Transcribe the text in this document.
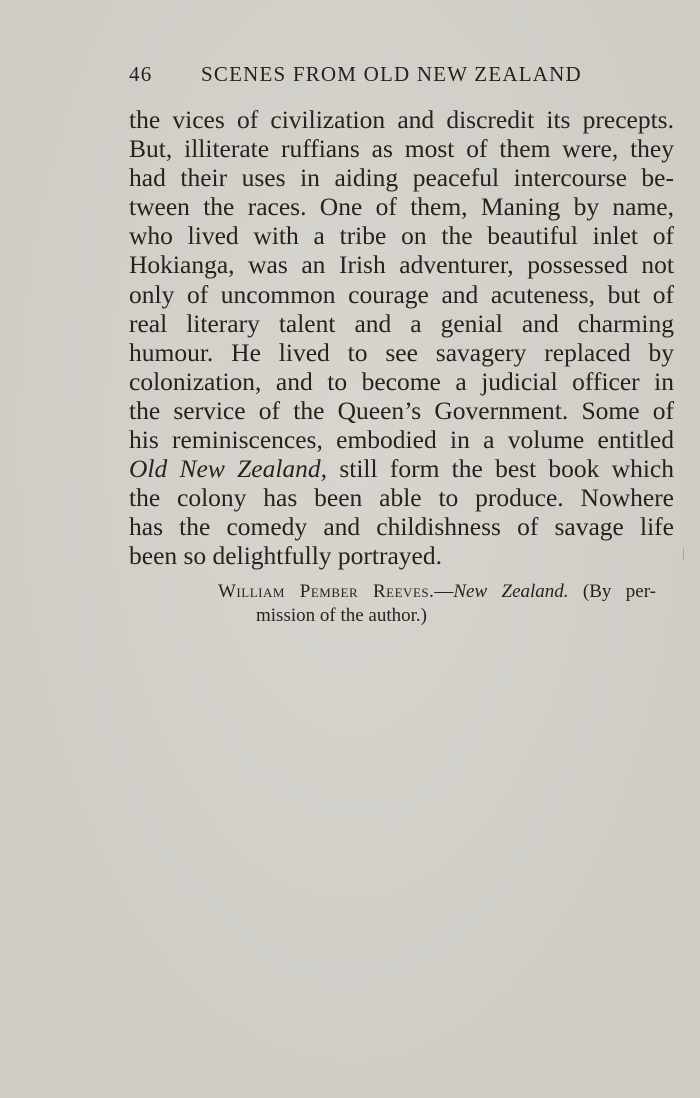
46 SCENES FROM OLD NEW ZEALAND
the vices of civilization and discredit its precepts.
But, illiterate ruffians as most of them were, they
had their uses in aiding peaceful intercourse be-
tween the races. One of them, Maning by name,
who lived with a tribe on the beautiful inlet of
Hokianga, was an Irish adventurer, possessed not
only of uncommon courage and acuteness, but of
real literary talent and a genial and charming
humour. He lived to see savagery replaced by
colonization, and to become a judicial officer in
the service of the Queen’s Government. Some of
his reminiscences, embodied in a volume entitled
Old New Zealand, still form the best book which
the colony has been able to produce. Nowhere
has the comedy and childishness of savage life
been so delightfully portrayed.
William Pember Reeves.—New Zealand. (By per-
mission of the author.)
